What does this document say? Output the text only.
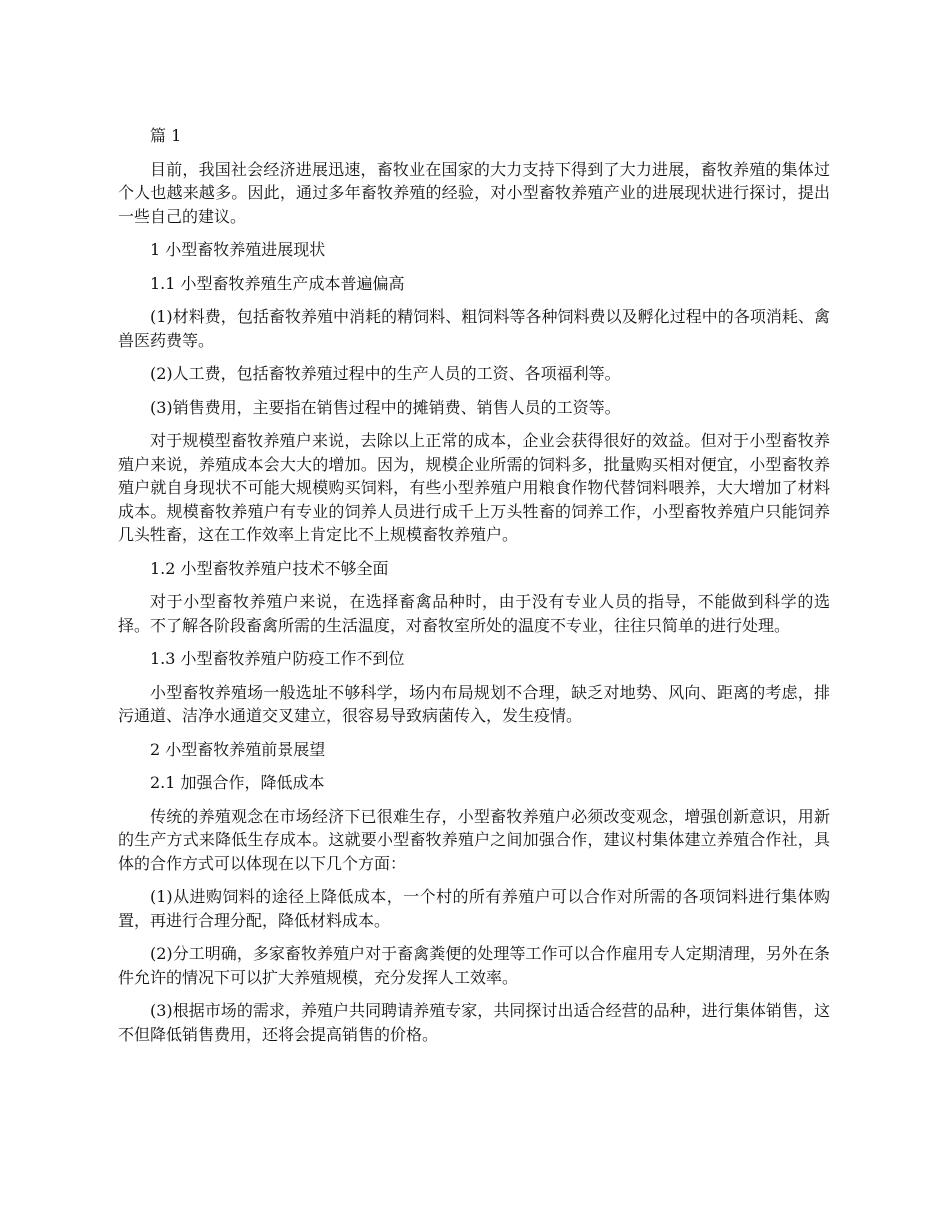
篇 1

目前，我国社会经济进展迅速，畜牧业在国家的大力支持下得到了大力进展，畜牧养殖的集体过个人也越来越多。因此，通过多年畜牧养殖的经验，对小型畜牧养殖产业的进展现状进行探讨，提出一些自己的建议。

1 小型畜牧养殖进展现状

1.1 小型畜牧养殖生产成本普遍偏高

(1)材料费，包括畜牧养殖中消耗的精饲料、粗饲料等各种饲料费以及孵化过程中的各项消耗、禽兽医药费等。

(2)人工费，包括畜牧养殖过程中的生产人员的工资、各项福利等。

(3)销售费用，主要指在销售过程中的摊销费、销售人员的工资等。

对于规模型畜牧养殖户来说，去除以上正常的成本，企业会获得很好的效益。但对于小型畜牧养殖户来说，养殖成本会大大的增加。因为，规模企业所需的饲料多，批量购买相对便宜，小型畜牧养殖户就自身现状不可能大规模购买饲料，有些小型养殖户用粮食作物代替饲料喂养，大大增加了材料成本。规模畜牧养殖户有专业的饲养人员进行成千上万头牲畜的饲养工作，小型畜牧养殖户只能饲养几头牲畜，这在工作效率上肯定比不上规模畜牧养殖户。

1.2 小型畜牧养殖户技术不够全面

对于小型畜牧养殖户来说，在选择畜禽品种时，由于没有专业人员的指导，不能做到科学的选择。不了解各阶段畜禽所需的生活温度，对畜牧室所处的温度不专业，往往只简单的进行处理。

1.3 小型畜牧养殖户防疫工作不到位

小型畜牧养殖场一般选址不够科学，场内布局规划不合理，缺乏对地势、风向、距离的考虑，排污通道、洁净水通道交叉建立，很容易导致病菌传入，发生疫情。

2 小型畜牧养殖前景展望

2.1 加强合作，降低成本

传统的养殖观念在市场经济下已很难生存，小型畜牧养殖户必须改变观念，增强创新意识，用新的生产方式来降低生存成本。这就要小型畜牧养殖户之间加强合作，建议村集体建立养殖合作社，具体的合作方式可以体现在以下几个方面：

(1)从进购饲料的途径上降低成本，一个村的所有养殖户可以合作对所需的各项饲料进行集体购置，再进行合理分配，降低材料成本。

(2)分工明确，多家畜牧养殖户对于畜禽粪便的处理等工作可以合作雇用专人定期清理，另外在条件允许的情况下可以扩大养殖规模，充分发挥人工效率。

(3)根据市场的需求，养殖户共同聘请养殖专家，共同探讨出适合经营的品种，进行集体销售，这不但降低销售费用，还将会提高销售的价格。
